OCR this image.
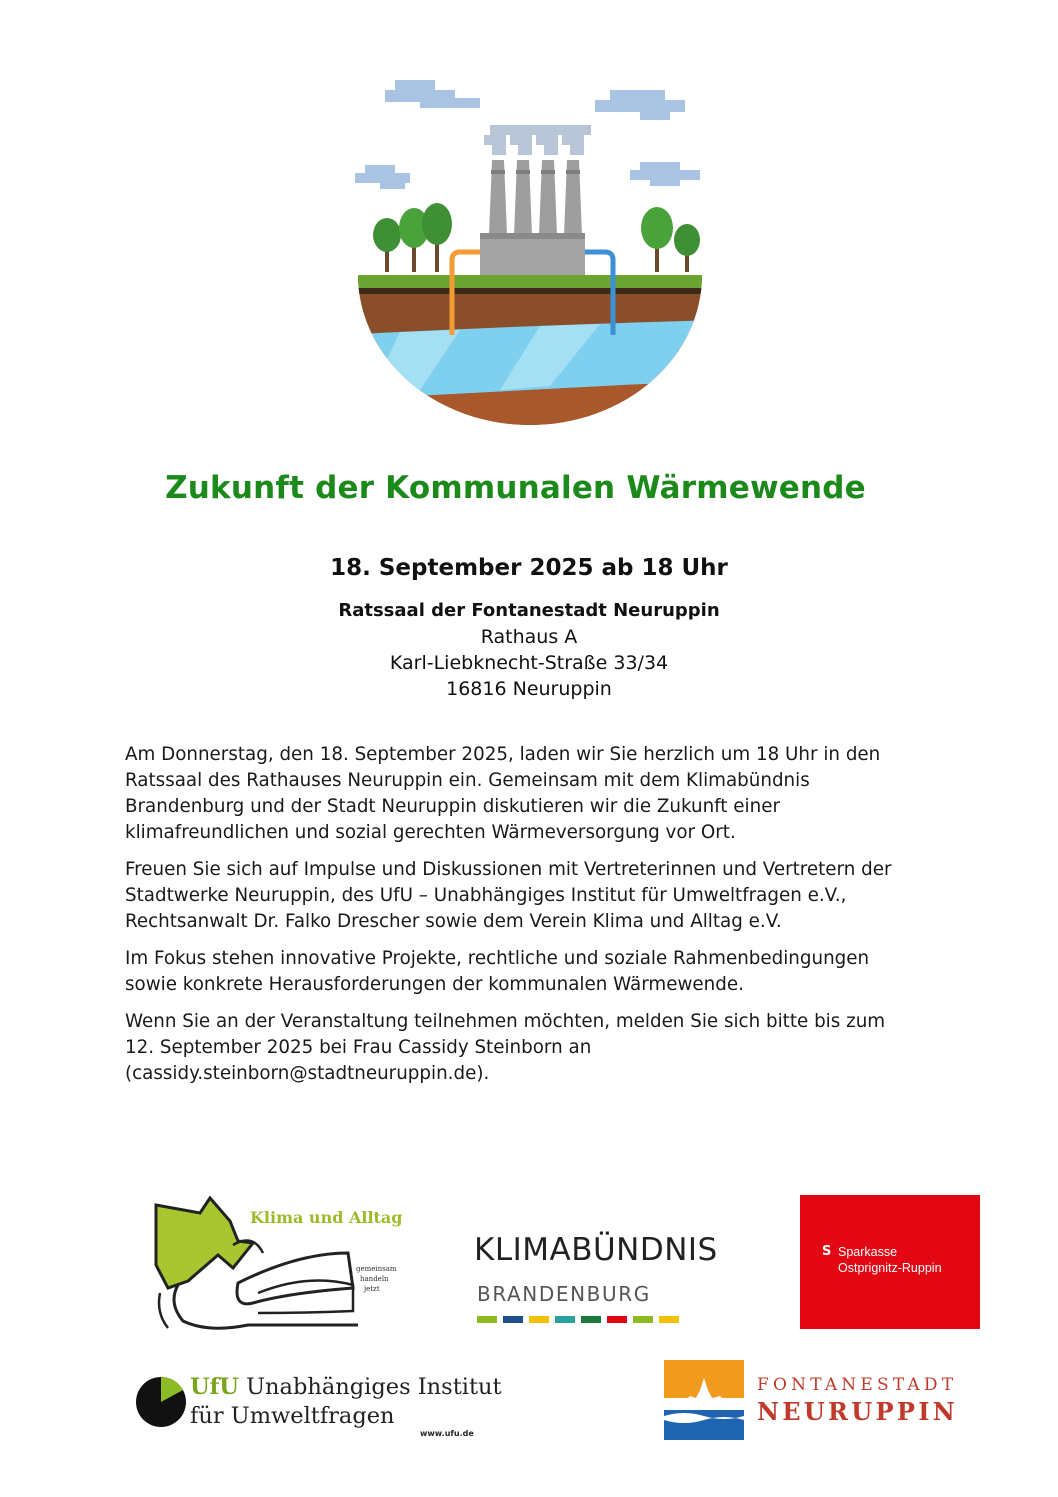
Zukunft der Kommunalen Wärmewende
18. September 2025 ab 18 Uhr
Ratssaal der Fontanestadt Neuruppin
Rathaus A
Karl-Liebknecht-Straße 33/34
16816 Neuruppin

Am Donnerstag, den 18. September 2025, laden wir Sie herzlich um 18 Uhr in den
Ratssaal des Rathauses Neuruppin ein. Gemeinsam mit dem Klimabündnis
Brandenburg und der Stadt Neuruppin diskutieren wir die Zukunft einer
klimafreundlichen und sozial gerechten Wärmeversorgung vor Ort.

Freuen Sie sich auf Impulse und Diskussionen mit Vertreterinnen und Vertretern der
Stadtwerke Neuruppin, des UfU – Unabhängiges Institut für Umweltfragen e.V.,
Rechtsanwalt Dr. Falko Drescher sowie dem Verein Klima und Alltag e.V.

Im Fokus stehen innovative Projekte, rechtliche und soziale Rahmenbedingungen
sowie konkrete Herausforderungen der kommunalen Wärmewende.

Wenn Sie an der Veranstaltung teilnehmen möchten, melden Sie sich bitte bis zum
12. September 2025 bei Frau Cassidy Steinborn an
(cassidy.steinborn@stadtneuruppin.de).

Klima und Alltag
gemeinsam
handeln
jetzt
KLIMABÜNDNIS
BRANDENBURG
S Sparkasse
Ostprignitz-Ruppin
UfU Unabhängiges Institut
für Umweltfragen
www.ufu.de
FONTANESTADT
NEURUPPIN
